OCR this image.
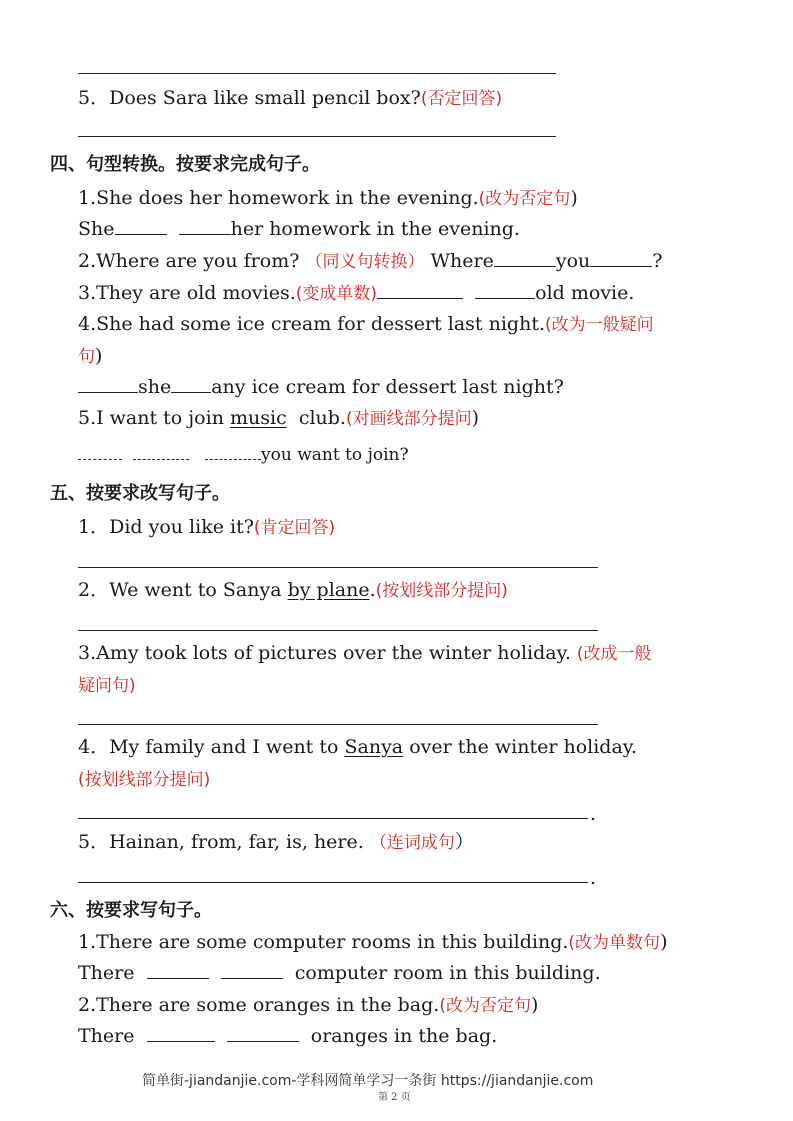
5．Does Sara like small pencil box?(否定回答)
四、句型转换。按要求完成句子。
1.She does her homework in the evening.(改为否定句)
She	her homework in the evening.
2.Where are you from? （同义句转换） Where	you	?
3.They are old movies.(变成单数)	old movie.
4.She had some ice cream for dessert last night.(改为一般疑问
句)
she any ice cream for dessert last night?
5.I want to join music club.(对画线部分提问)
you want to join?
五、按要求改写句子。
1．Did you like it?(肯定回答)
2．We went to Sanya by plane.(按划线部分提问)
3.Amy took lots of pictures over the winter holiday. (改成一般
疑问句)
4．My family and I went to Sanya over the winter holiday.
(按划线部分提问)
.
5．Hainan, from, far, is, here. （连词成句）
.
六、按要求写句子。
1.There are some computer rooms in this building.(改为单数句)
There	computer room in this building.
2.There are some oranges in the bag.(改为否定句)
There	oranges in the bag.
简单街-jiandanjie.com-学科网简单学习一条街 https://jiandanjie.com
第 2 页
